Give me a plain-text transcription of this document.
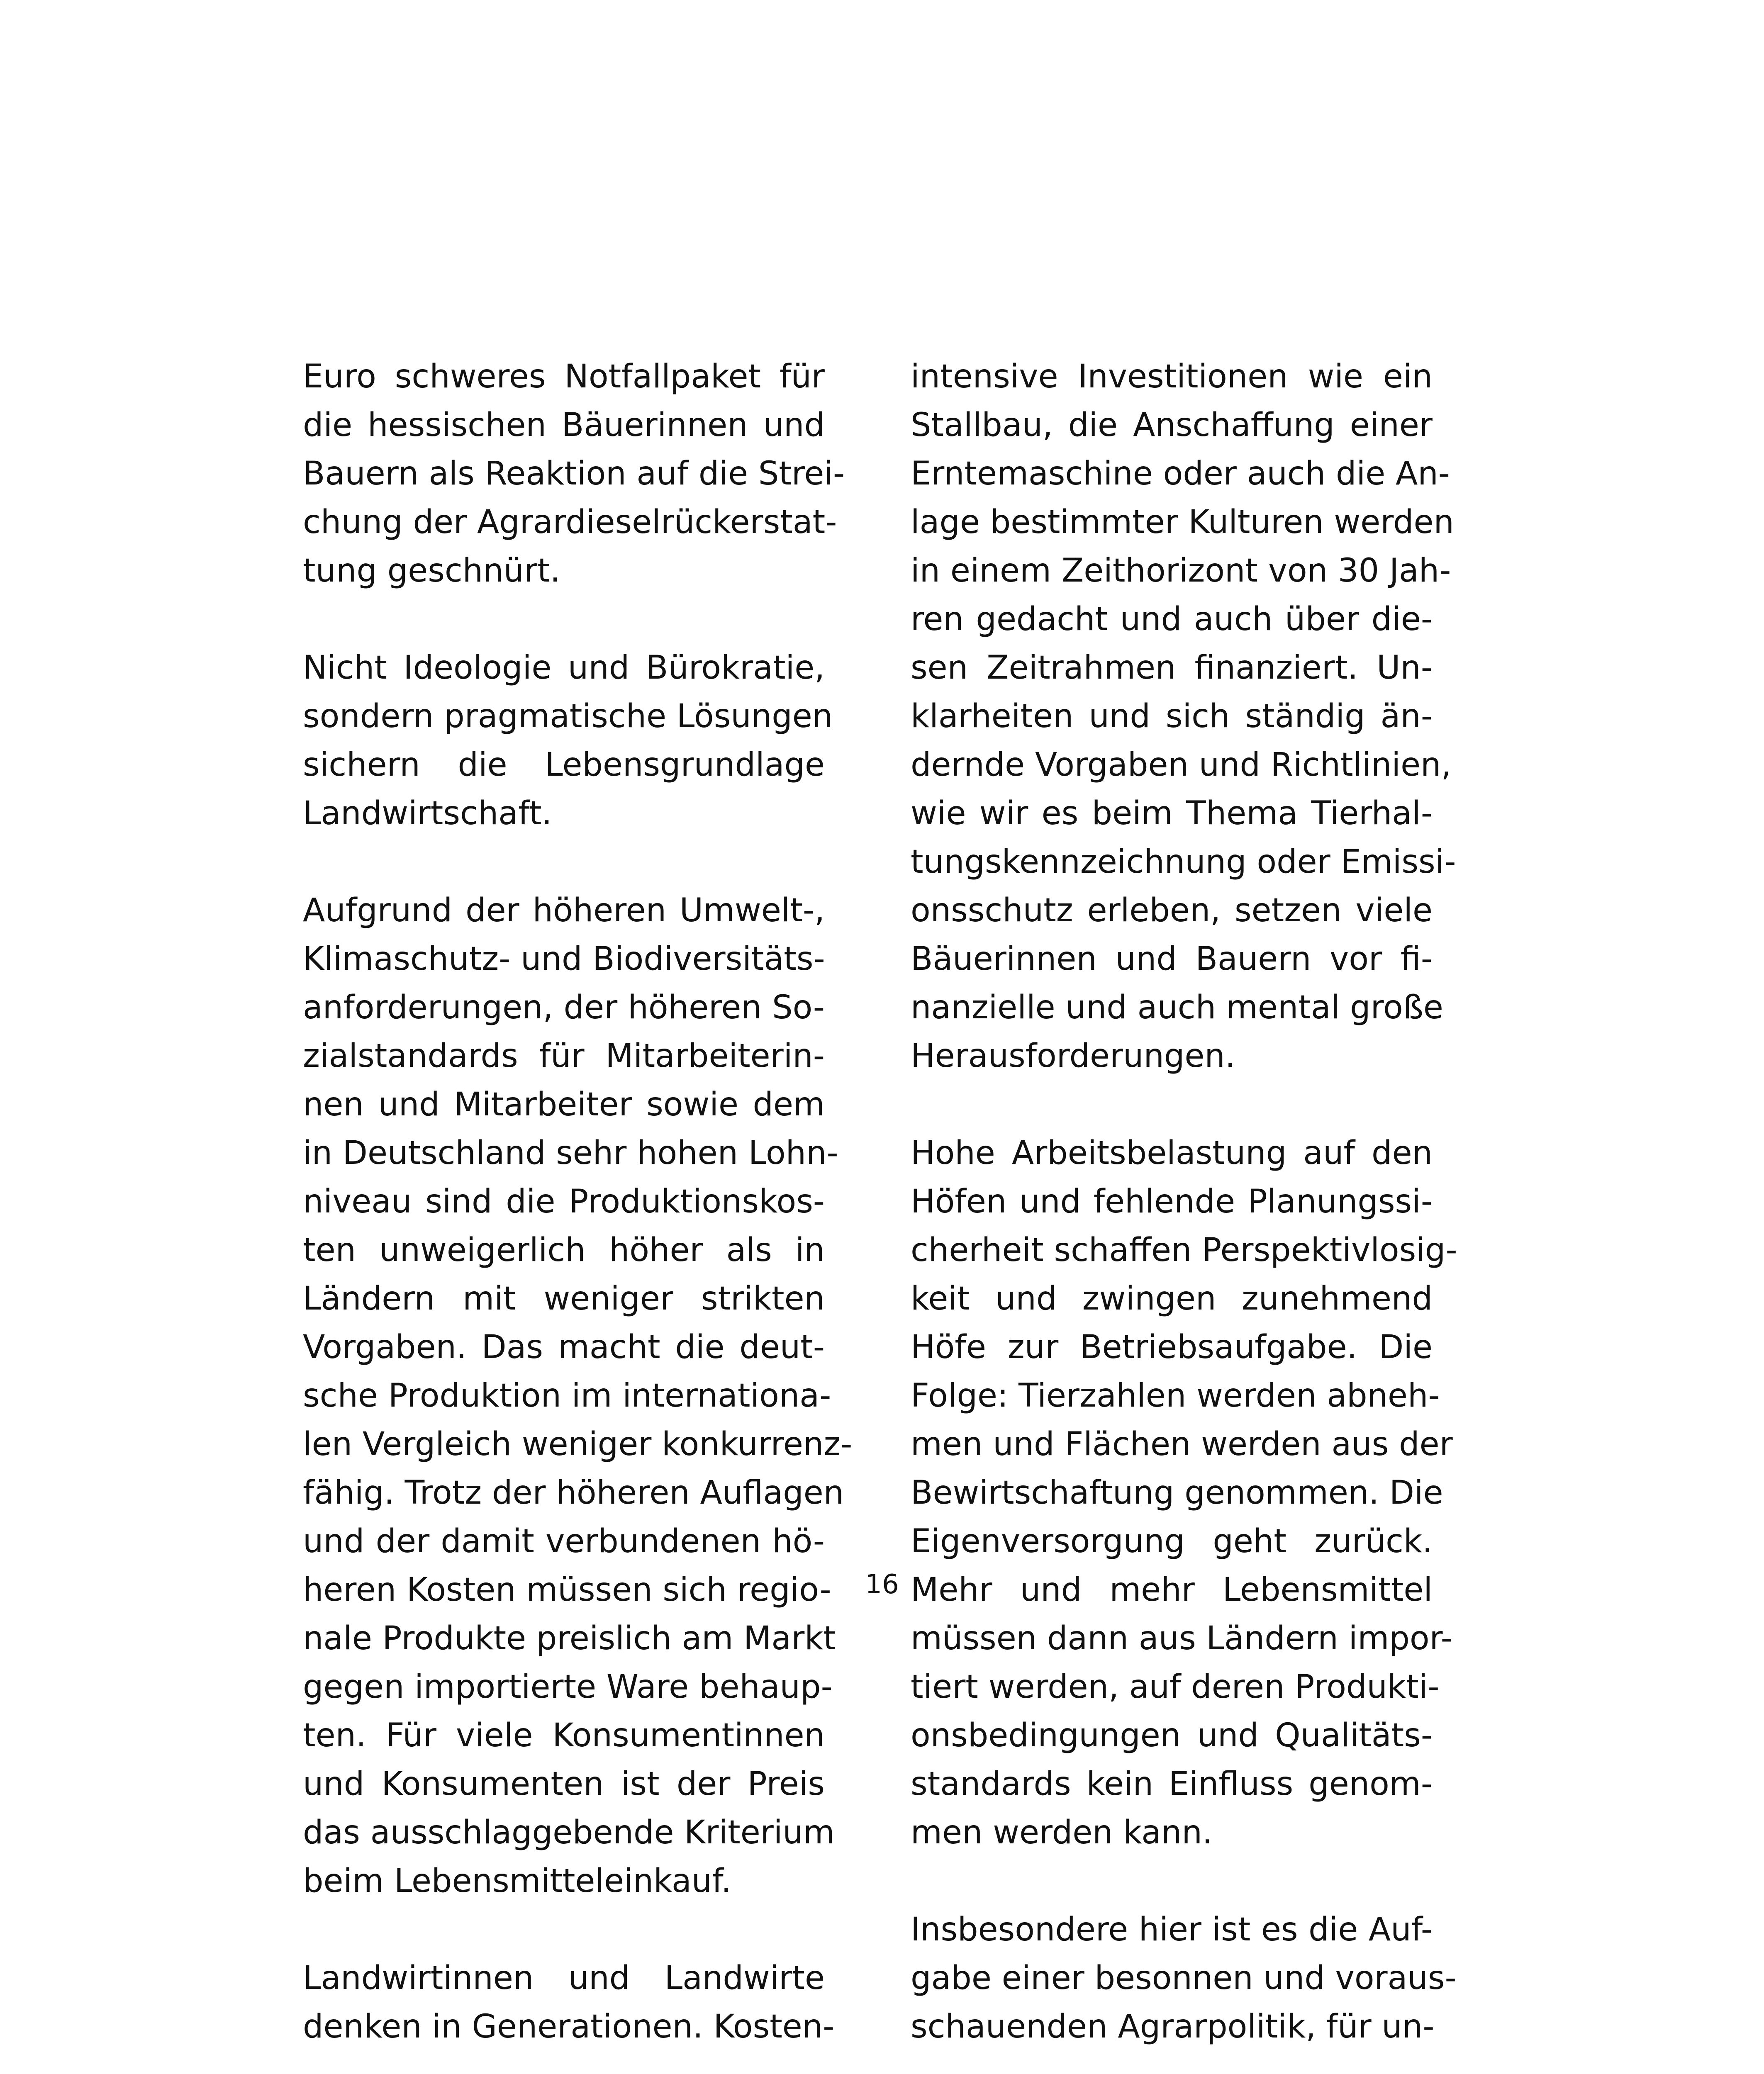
Euro schweres Notfallpaket für
die hessischen Bäuerinnen und
Bauern als Reaktion auf die Strei-
chung der Agrardieselrückerstat-
tung geschnürt.
Nicht Ideologie und Bürokratie,
sondern pragmatische Lösungen
sichern die Lebensgrundlage
Landwirtschaft.
Aufgrund der höheren Umwelt-,
Klimaschutz- und Biodiversitäts-
anforderungen, der höheren So-
zialstandards für Mitarbeiterin-
nen und Mitarbeiter sowie dem
in Deutschland sehr hohen Lohn-
niveau sind die Produktionskos-
ten unweigerlich höher als in
Ländern mit weniger strikten
Vorgaben. Das macht die deut-
sche Produktion im internationa-
len Vergleich weniger konkurrenz-
fähig. Trotz der höheren Auflagen
und der damit verbundenen hö-
heren Kosten müssen sich regio-
nale Produkte preislich am Markt
gegen importierte Ware behaup-
ten. Für viele Konsumentinnen
und Konsumenten ist der Preis
das ausschlaggebende Kriterium
beim Lebensmitteleinkauf.
Landwirtinnen und Landwirte
denken in Generationen. Kosten-
intensive Investitionen wie ein
Stallbau, die Anschaffung einer
Erntemaschine oder auch die An-
lage bestimmter Kulturen werden
in einem Zeithorizont von 30 Jah-
ren gedacht und auch über die-
sen Zeitrahmen finanziert. Un-
klarheiten und sich ständig än-
dernde Vorgaben und Richtlinien,
wie wir es beim Thema Tierhal-
tungskennzeichnung oder Emissi-
onsschutz erleben, setzen viele
Bäuerinnen und Bauern vor fi-
nanzielle und auch mental große
Herausforderungen.
Hohe Arbeitsbelastung auf den
Höfen und fehlende Planungssi-
cherheit schaffen Perspektivlosig-
keit und zwingen zunehmend
Höfe zur Betriebsaufgabe. Die
Folge: Tierzahlen werden abneh-
men und Flächen werden aus der
Bewirtschaftung genommen. Die
Eigenversorgung geht zurück.
Mehr und mehr Lebensmittel
müssen dann aus Ländern impor-
tiert werden, auf deren Produkti-
onsbedingungen und Qualitäts-
standards kein Einfluss genom-
men werden kann.
Insbesondere hier ist es die Auf-
gabe einer besonnen und voraus-
schauenden Agrarpolitik, für un-
16
